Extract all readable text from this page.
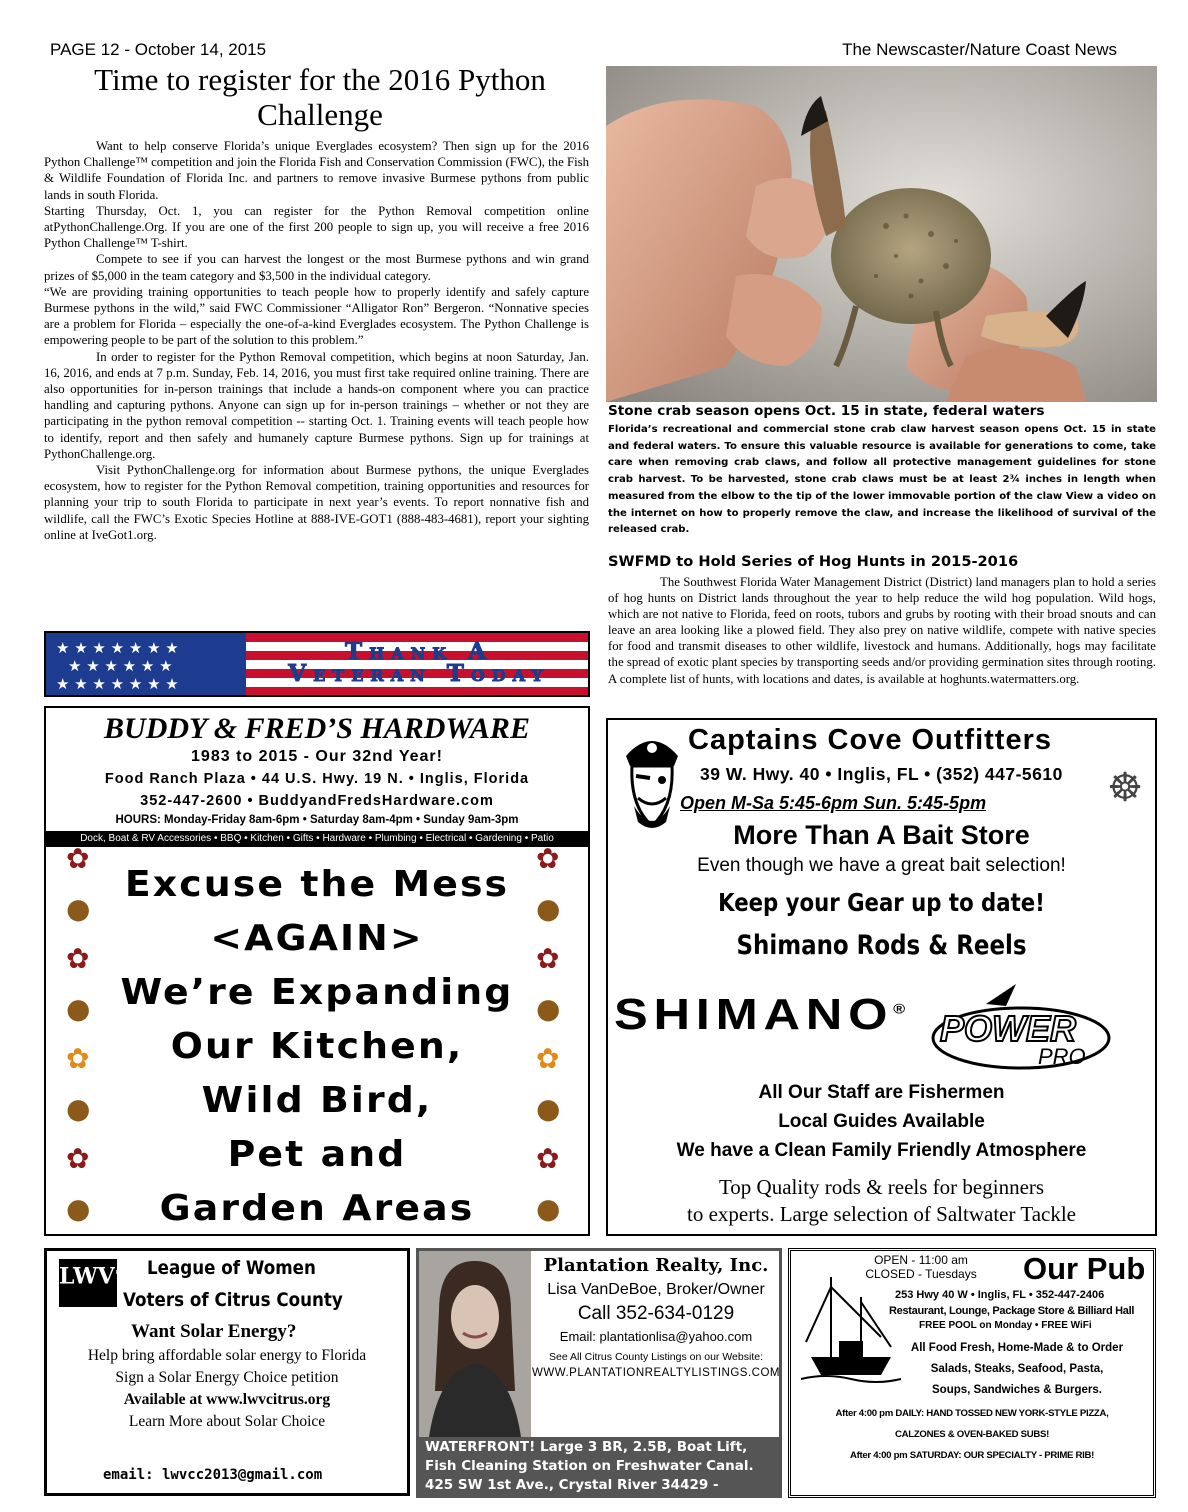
PAGE 12 - October 14, 2015	The Newscaster/Nature Coast News
Time to register for the 2016 Python Challenge

Want to help conserve Florida’s unique Everglades ecosystem? Then sign up for the 2016 Python Challenge™ competition and join the Florida Fish and Conservation Commission (FWC), the Fish & Wildlife Foundation of Florida Inc. and partners to remove invasive Burmese pythons from public lands in south Florida.

Starting Thursday, Oct. 1, you can register for the Python Removal competition online atPythonChallenge.Org. If you are one of the first 200 people to sign up, you will receive a free 2016 Python Challenge™ T-shirt.

Compete to see if you can harvest the longest or the most Burmese pythons and win grand prizes of $5,000 in the team category and $3,500 in the individual category.

“We are providing training opportunities to teach people how to properly identify and safely capture Burmese pythons in the wild,” said FWC Commissioner “Alligator Ron” Bergeron. “Nonnative species are a problem for Florida – especially the one-of-a-kind Everglades ecosystem. The Python Challenge is empowering people to be part of the solution to this problem.”

In order to register for the Python Removal competition, which begins at noon Saturday, Jan. 16, 2016, and ends at 7 p.m. Sunday, Feb. 14, 2016, you must first take required online training. There are also opportunities for in-person trainings that include a hands-on component where you can practice handling and capturing pythons. Anyone can sign up for in-person trainings – whether or not they are participating in the python removal competition -- starting Oct. 1. Training events will teach people how to identify, report and then safely and humanely capture Burmese pythons. Sign up for trainings at PythonChallenge.org.

Visit PythonChallenge.org for information about Burmese pythons, the unique Everglades ecosystem, how to register for the Python Removal competition, training opportunities and resources for planning your trip to south Florida to participate in next year’s events. To report nonnative fish and wildlife, call the FWC’s Exotic Species Hotline at 888-IVE-GOT1 (888-483-4681), report your sighting online at IveGot1.org.

Stone crab season opens Oct. 15 in state, federal waters
Florida’s recreational and commercial stone crab claw harvest season opens Oct. 15 in state and federal waters. To ensure this valuable resource is available for generations to come, take care when removing crab claws, and follow all protective management guidelines for stone crab harvest. To be harvested, stone crab claws must be at least 2¾ inches in length when measured from the elbow to the tip of the lower immovable portion of the claw View a video on the internet on how to properly remove the claw, and increase the likelihood of survival of the released crab.
SWFMD to Hold Series of Hog Hunts in 2015-2016
The Southwest Florida Water Management District (District) land managers plan to hold a series of hog hunts on District lands throughout the year to help reduce the wild hog population. Wild hogs, which are not native to Florida, feed on roots, tubors and grubs by rooting with their broad snouts and can leave an area looking like a plowed field. They also prey on native wildlife, compete with native species for food and transmit diseases to other wildlife, livestock and humans. Additionally, hogs may facilitate the spread of exotic plant species by transporting seeds and/or providing germination sites through rooting. A complete list of hunts, with locations and dates, is available at hoghunts.watermatters.org.
★ ★ ★ ★ ★ ★ ★
★ ★ ★ ★ ★ ★
★ ★ ★ ★ ★ ★ ★
Thank A
Veteran Today
BUDDY & FRED’S HARDWARE
1983 to 2015 - Our 32nd Year!
Food Ranch Plaza • 44 U.S. Hwy. 19 N. • Inglis, Florida
352-447-2600 • BuddyandFredsHardware.com
HOURS: Monday-Friday 8am-6pm • Saturday 8am-4pm • Sunday 9am-3pm
Dock, Boat & RV Accessories • BBQ • Kitchen • Gifts • Hardware • Plumbing • Electrical • Gardening • Patio
✿
●
✿
●
✿
●
✿
●
✿
●
✿
●
✿
●
✿
●
Excuse the Mess
<AGAIN>
We’re Expanding
Our Kitchen,
Wild Bird,
Pet and
Garden Areas
Captains Cove Outfitters
39 W. Hwy. 40 • Inglis, FL • (352) 447-5610
Open M-Sa 5:45-6pm Sun. 5:45-5pm	☸
More Than A Bait Store
Even though we have a great bait selection!
Keep your Gear up to date!
Shimano Rods & Reels
SHIMANO® POWER
PRO
All Our Staff are Fishermen
Local Guides Available
We have a Clean Family Friendly Atmosphere
Top Quality rods & reels for beginners
to experts. Large selection of Saltwater Tackle
LWV® League of Women
Voters of Citrus County
Want Solar Energy?
Help bring affordable solar energy to Florida
Sign a Solar Energy Choice petition
Available at www.lwvcitrus.org
Learn More about Solar Choice
email: lwvcc2013@gmail.com
Plantation Realty, Inc.
Lisa VanDeBoe, Broker/Owner
Call 352-634-0129
Email: plantationlisa@yahoo.com
See All Citrus County Listings on our Website:
WWW.PLANTATIONREALTYLISTINGS.COM
WATERFRONT! Large 3 BR, 2.5B, Boat Lift, Fish Cleaning Station on Freshwater Canal. 425 SW 1st Ave., Crystal River 34429 - $399,000.
OPEN - 11:00 am
CLOSED - Tuesdays Our Pub
253 Hwy 40 W • Inglis, FL • 352-447-2406
Restaurant, Lounge, Package Store & Billiard Hall
FREE POOL on Monday • FREE WiFi
All Food Fresh, Home-Made & to Order
Salads, Steaks, Seafood, Pasta,
Soups, Sandwiches & Burgers.
After 4:00 pm DAILY: HAND TOSSED NEW YORK-STYLE PIZZA,
CALZONES & OVEN-BAKED SUBS!
After 4:00 pm SATURDAY: OUR SPECIALTY - PRIME RIB!
